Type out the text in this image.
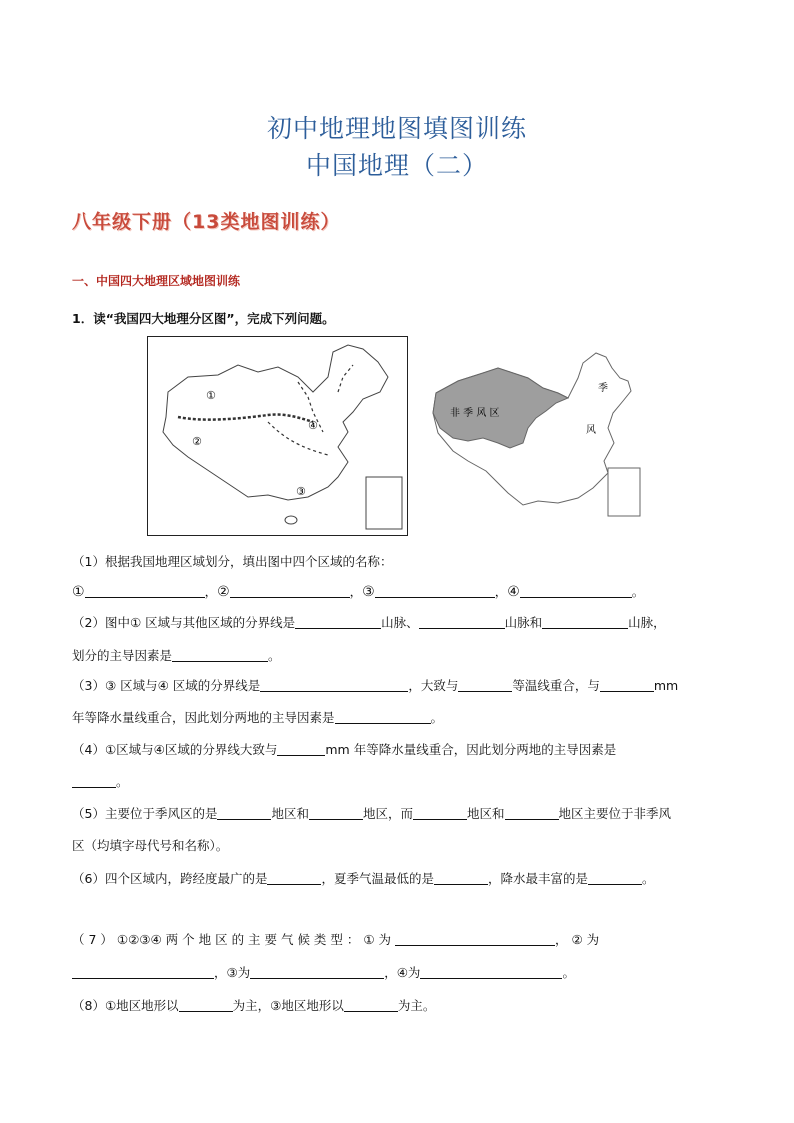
初中地理地图填图训练
中国地理（二）
八年级下册（13类地图训练）
一、中国四大地理区域地图训练
1．读“我国四大地理分区图”，完成下列问题。
①
②
③
④
非 季 风 区
季
风
（1）根据我国地理区域划分，填出图中四个区域的名称：
①	，②	，③	，④	。
（2）图中① 区域与其他区域的分界线是	山脉、	山脉和	山脉，
划分的主导因素是	。
（3）③ 区域与④ 区域的分界线是	，大致与	等温线重合，与	mm
年等降水量线重合，因此划分两地的主导因素是	。
（4）①区域与④区域的分界线大致与	mm 年等降水量线重合，因此划分两地的主导因素是
。
（5）主要位于季风区的是	地区和	地区，而	地区和	地区主要位于非季风
区（均填字母代号和名称）。
（6）四个区域内，跨经度最广的是	，夏季气温最低的是	，降水最丰富的是	。
（ 7 ） ①②③④ 两 个 地 区 的 主 要 气 候 类 型 ： ① 为	， ② 为
，③为	，④为	。
（8）①地区地形以	为主，③地区地形以	为主。
